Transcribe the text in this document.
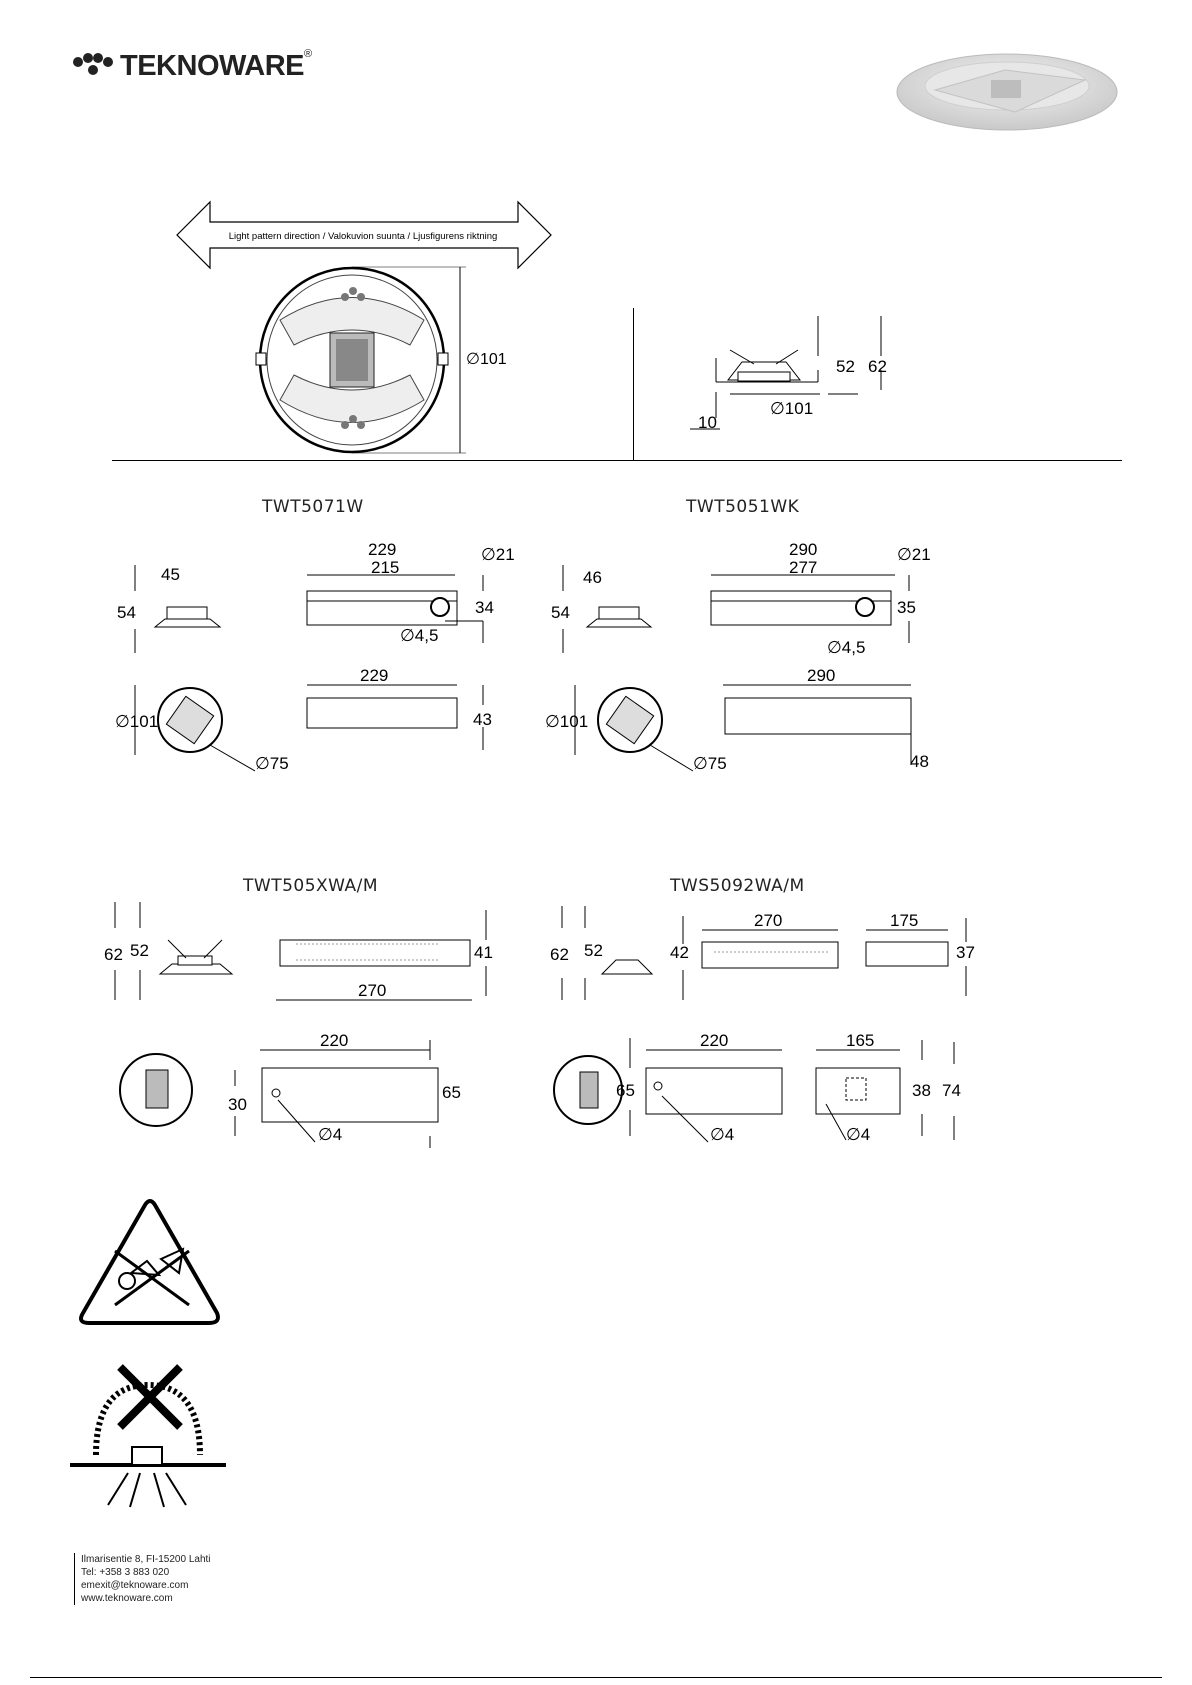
TEKNOWARE ®
Light pattern direction / Valokuvion suunta / Ljusfigurens riktning
∅101	52 62
∅101
10
TWT5071W	TWT5051WK
TWT505XWA/M	TWS5092WA/M
45
54
229
215
∅21
34
∅4,5
∅101
∅75
229
43
46
54
290
277
∅21
35
∅4,5
∅101
∅75
290
48
62 52	41
270
220
30
65
∅4
62 52	42
270	175
37
65
220
∅4
165
38 74
∅4
Ilmarisentie 8, FI-15200 Lahti
Tel: +358 3 883 020
emexit@teknoware.com
www.teknoware.com
